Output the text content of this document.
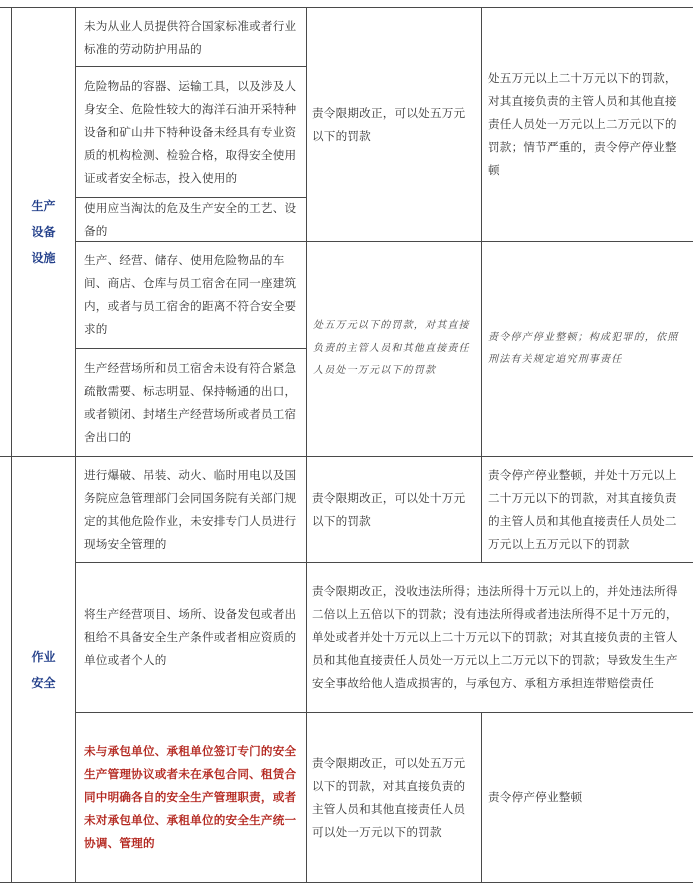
生产
设备
设施
未为从业人员提供符合国家标准或者行业标准的劳动防护用品的
危险物品的容器、运输工具，以及涉及人身安全、危险性较大的海洋石油开采特种设备和矿山井下特种设备未经具有专业资质的机构检测、检验合格，取得安全使用证或者安全标志，投入使用的
使用应当淘汰的危及生产安全的工艺、设备的
生产、经营、储存、使用危险物品的车间、商店、仓库与员工宿舍在同一座建筑内，或者与员工宿舍的距离不符合安全要求的
生产经营场所和员工宿舍未设有符合紧急疏散需要、标志明显、保持畅通的出口，或者锁闭、封堵生产经营场所或者员工宿舍出口的
责令限期改正，可以处五万元以下的罚款
处五万元以上二十万元以下的罚款，对其直接负责的主管人员和其他直接责任人员处一万元以上二万元以下的罚款；情节严重的，责令停产停业整顿
处五万元以下的罚款，对其直接负责的主管人员和其他直接责任人员处一万元以下的罚款
责令停产停业整顿；构成犯罪的，依照刑法有关规定追究刑事责任
作业
安全
进行爆破、吊装、动火、临时用电以及国务院应急管理部门会同国务院有关部门规定的其他危险作业，未安排专门人员进行现场安全管理的
责令限期改正，可以处十万元以下的罚款
责令停产停业整顿，并处十万元以上二十万元以下的罚款，对其直接负责的主管人员和其他直接责任人员处二万元以上五万元以下的罚款
将生产经营项目、场所、设备发包或者出租给不具备安全生产条件或者相应资质的单位或者个人的
责令限期改正，没收违法所得；违法所得十万元以上的，并处违法所得二倍以上五倍以下的罚款；没有违法所得或者违法所得不足十万元的，单处或者并处十万元以上二十万元以下的罚款；对其直接负责的主管人员和其他直接责任人员处一万元以上二万元以下的罚款；导致发生生产安全事故给他人造成损害的，与承包方、承租方承担连带赔偿责任
未与承包单位、承租单位签订专门的安全生产管理协议或者未在承包合同、租赁合同中明确各自的安全生产管理职责，或者未对承包单位、承租单位的安全生产统一协调、管理的
责令限期改正，可以处五万元以下的罚款，对其直接负责的主管人员和其他直接责任人员可以处一万元以下的罚款
责令停产停业整顿
